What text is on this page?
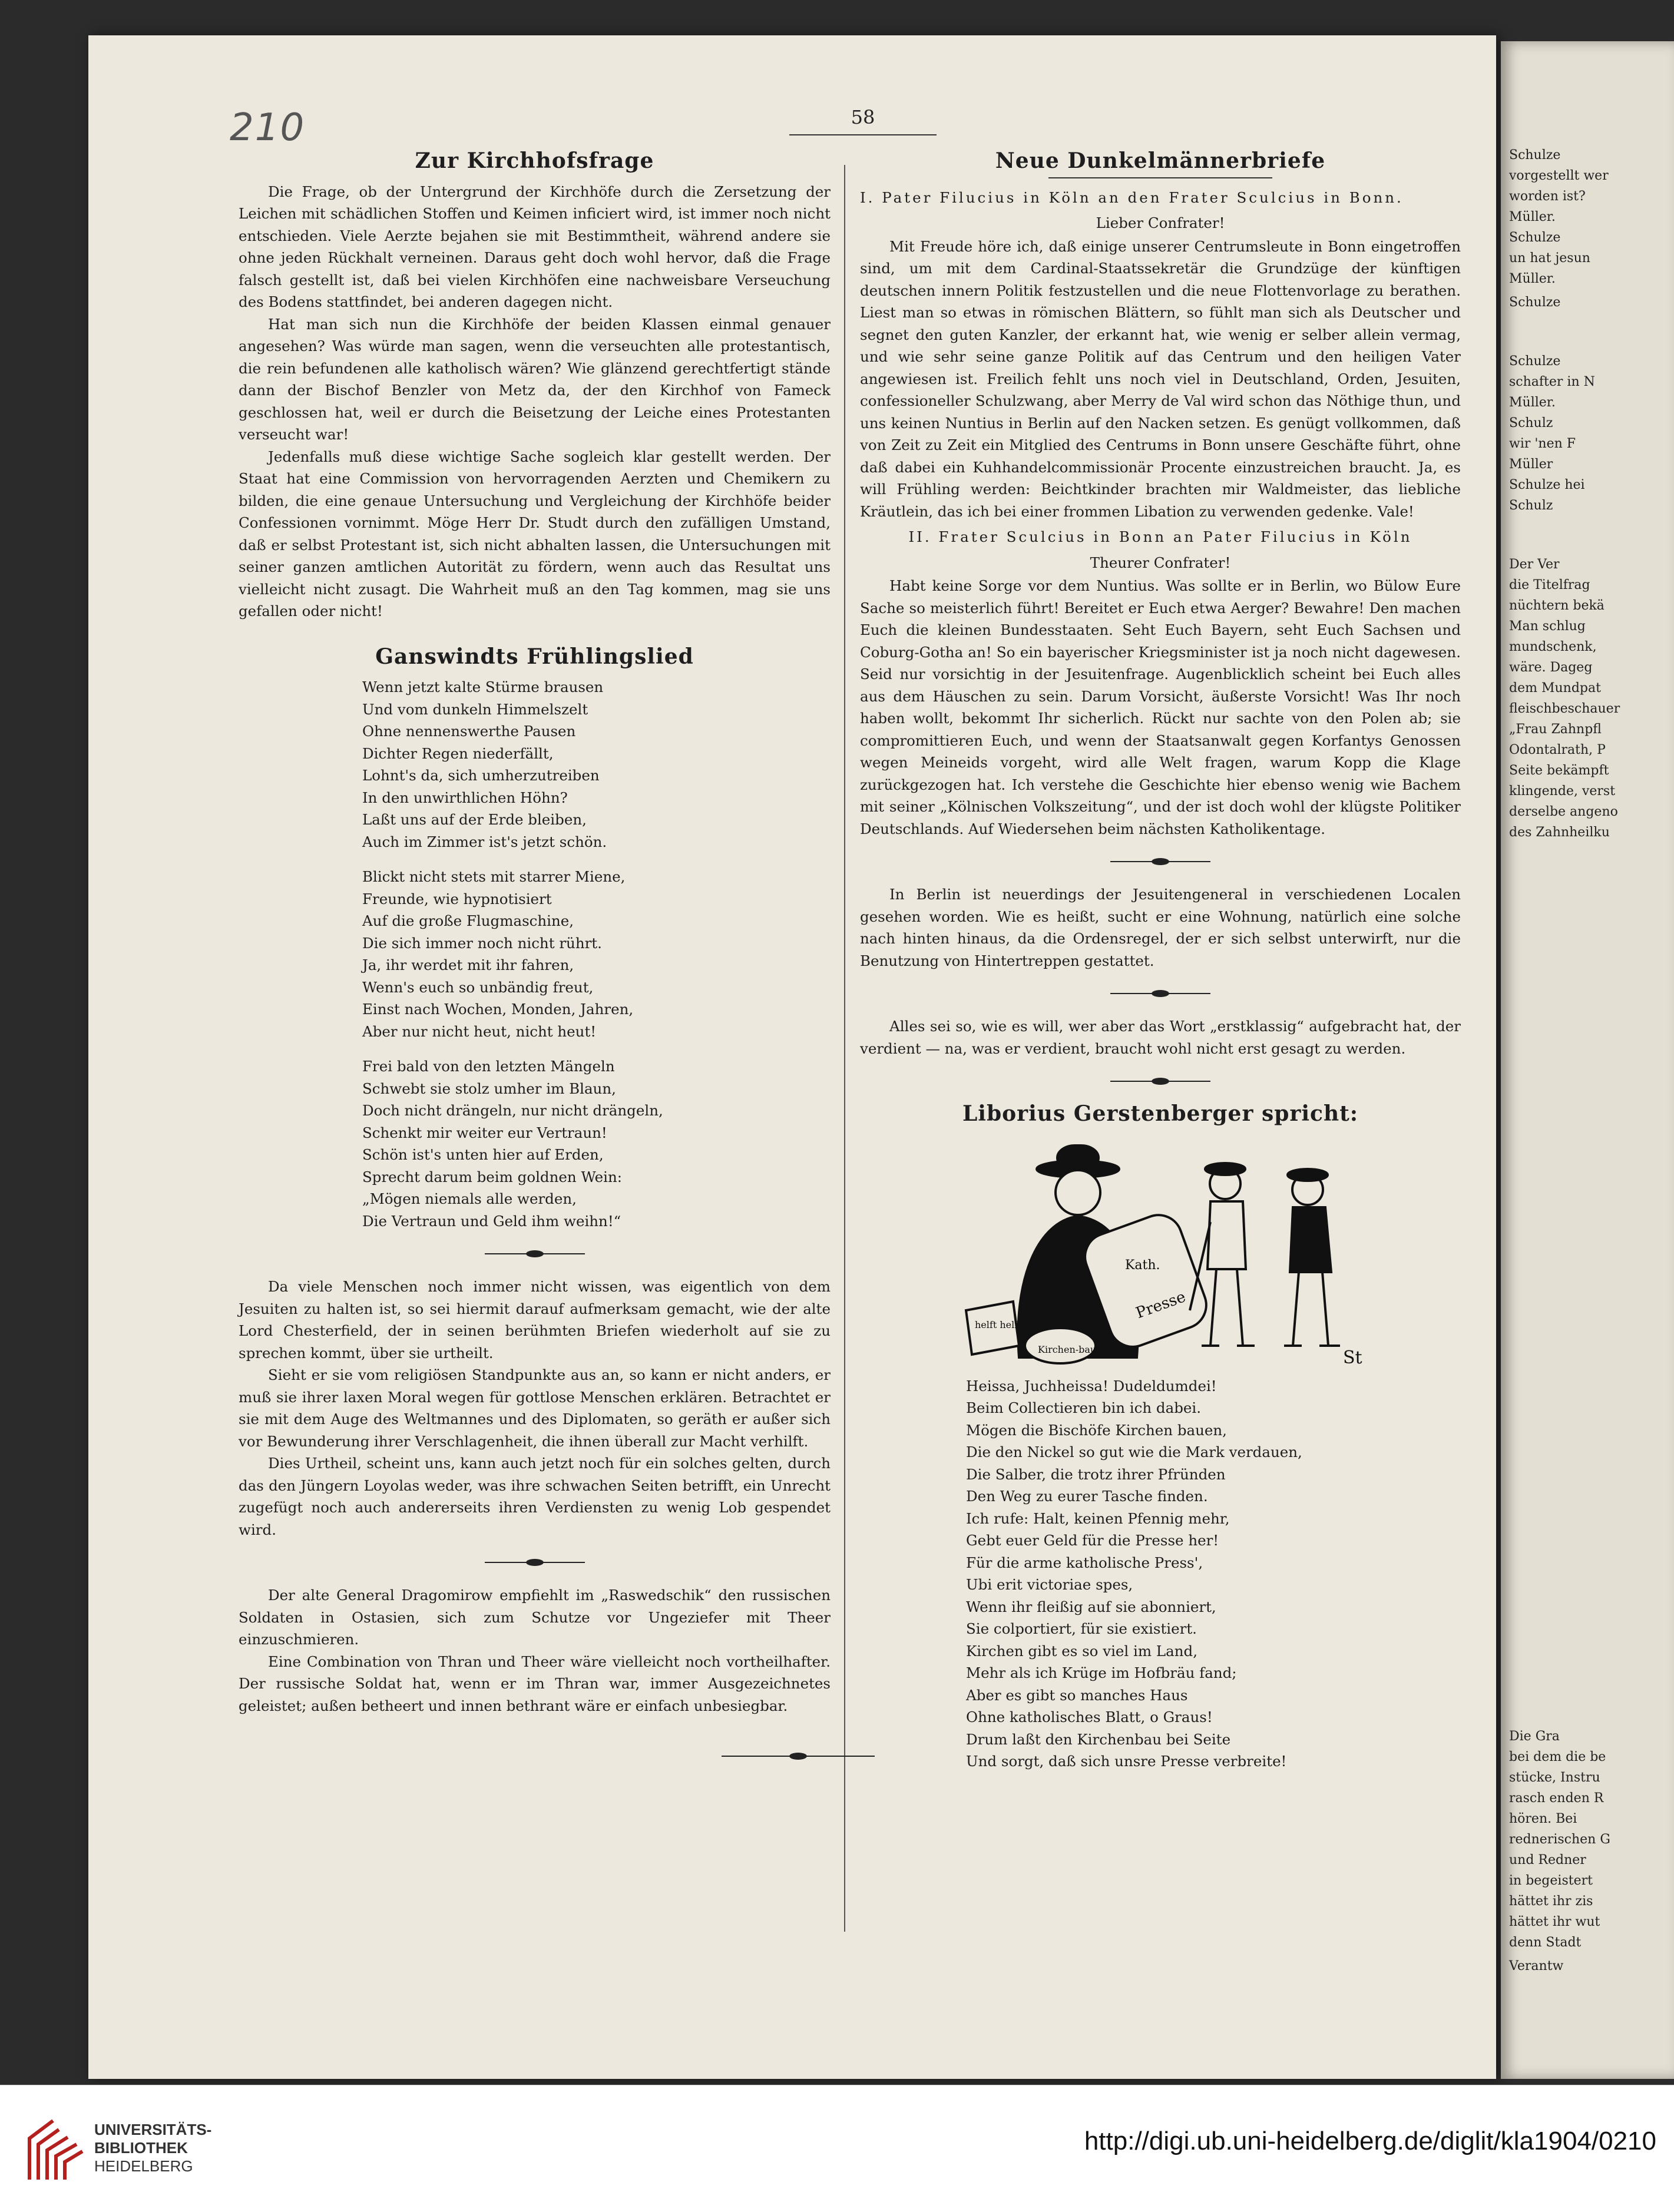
210
Schulze
vorgestellt wer
worden ist?
Müller.
Schulze
un hat jesun
Müller.
Schulze
Schulze
schafter in N
Müller.
Schulz
wir 'nen F
Müller
Schulze hei
Schulz
Der Ver
die Titelfrag
nüchtern bekä
Man schlug
mundschenk,
wäre. Dageg
dem Mundpat
fleischbeschauer
„Frau Zahnpfl
Odontalrath, P
Seite bekämpft
klingende, verst
derselbe angeno
des Zahnheilku
Die Gra
bei dem die be
stücke, Instru
rasch enden R
hören. Bei
rednerischen G
und Redner
in begeistert
hättet ihr zis
hättet ihr wut
denn Stadt
Verantw
58
Zur Kirchhofsfrage

Die Frage, ob der Untergrund der Kirchhöfe durch die Zersetzung der Leichen mit schädlichen Stoffen und Keimen inficiert wird, ist immer noch nicht entschieden. Viele Aerzte bejahen sie mit Bestimmtheit, während andere sie ohne jeden Rückhalt verneinen. Daraus geht doch wohl hervor, daß die Frage falsch gestellt ist, daß bei vielen Kirchhöfen eine nachweisbare Verseuchung des Bodens stattfindet, bei anderen dagegen nicht.

Hat man sich nun die Kirchhöfe der beiden Klassen einmal genauer angesehen? Was würde man sagen, wenn die verseuchten alle protestantisch, die rein befundenen alle katholisch wären? Wie glänzend gerechtfertigt stände dann der Bischof Benzler von Metz da, der den Kirchhof von Fameck geschlossen hat, weil er durch die Beisetzung der Leiche eines Protestanten verseucht war!

Jedenfalls muß diese wichtige Sache sogleich klar gestellt werden. Der Staat hat eine Commission von hervorragenden Aerzten und Chemikern zu bilden, die eine genaue Untersuchung und Vergleichung der Kirchhöfe beider Confessionen vornimmt. Möge Herr Dr. Studt durch den zufälligen Umstand, daß er selbst Protestant ist, sich nicht abhalten lassen, die Untersuchungen mit seiner ganzen amtlichen Autorität zu fördern, wenn auch das Resultat uns vielleicht nicht zusagt. Die Wahrheit muß an den Tag kommen, mag sie uns gefallen oder nicht!

Ganswindts Frühlingslied
Wenn jetzt kalte Stürme brausen
Und vom dunkeln Himmelszelt
Ohne nennenswerthe Pausen
Dichter Regen niederfällt,
Lohnt's da, sich umherzutreiben
In den unwirthlichen Höhn?
Laßt uns auf der Erde bleiben,
Auch im Zimmer ist's jetzt schön.
Blickt nicht stets mit starrer Miene,
Freunde, wie hypnotisiert
Auf die große Flugmaschine,
Die sich immer noch nicht rührt.
Ja, ihr werdet mit ihr fahren,
Wenn's euch so unbändig freut,
Einst nach Wochen, Monden, Jahren,
Aber nur nicht heut, nicht heut!
Frei bald von den letzten Mängeln
Schwebt sie stolz umher im Blaun,
Doch nicht drängeln, nur nicht drängeln,
Schenkt mir weiter eur Vertraun!
Schön ist's unten hier auf Erden,
Sprecht darum beim goldnen Wein:
„Mögen niemals alle werden,
Die Vertraun und Geld ihm weihn!“

Da viele Menschen noch immer nicht wissen, was eigentlich von dem Jesuiten zu halten ist, so sei hiermit darauf aufmerksam gemacht, wie der alte Lord Chesterfield, der in seinen berühmten Briefen wiederholt auf sie zu sprechen kommt, über sie urtheilt.

Sieht er sie vom religiösen Standpunkte aus an, so kann er nicht anders, er muß sie ihrer laxen Moral wegen für gottlose Menschen erklären. Betrachtet er sie mit dem Auge des Weltmannes und des Diplomaten, so geräth er außer sich vor Bewunderung ihrer Verschlagenheit, die ihnen überall zur Macht verhilft.

Dies Urtheil, scheint uns, kann auch jetzt noch für ein solches gelten, durch das den Jüngern Loyolas weder, was ihre schwachen Seiten betrifft, ein Unrecht zugefügt noch auch andererseits ihren Verdiensten zu wenig Lob gespendet wird.

Der alte General Dragomirow empfiehlt im „Raswedschik“ den russischen Soldaten in Ostasien, sich zum Schutze vor Ungeziefer mit Theer einzuschmieren.

Eine Combination von Thran und Theer wäre vielleicht noch vortheilhafter. Der russische Soldat hat, wenn er im Thran war, immer Ausgezeichnetes geleistet; außen betheert und innen bethrant wäre er einfach unbesiegbar.

Neue Dunkelmännerbriefe

I. Pater Filucius in Köln an den Frater Sculcius in Bonn.

Lieber Confrater!

Mit Freude höre ich, daß einige unserer Centrumsleute in Bonn eingetroffen sind, um mit dem Cardinal-Staatssekretär die Grundzüge der künftigen deutschen innern Politik festzustellen und die neue Flottenvorlage zu berathen. Liest man so etwas in römischen Blättern, so fühlt man sich als Deutscher und segnet den guten Kanzler, der erkannt hat, wie wenig er selber allein vermag, und wie sehr seine ganze Politik auf das Centrum und den heiligen Vater angewiesen ist. Freilich fehlt uns noch viel in Deutschland, Orden, Jesuiten, confessioneller Schulzwang, aber Merry de Val wird schon das Nöthige thun, und uns keinen Nuntius in Berlin auf den Nacken setzen. Es genügt vollkommen, daß von Zeit zu Zeit ein Mitglied des Centrums in Bonn unsere Geschäfte führt, ohne daß dabei ein Kuhhandelcommissionär Procente einzustreichen braucht. Ja, es will Frühling werden: Beichtkinder brachten mir Waldmeister, das liebliche Kräutlein, das ich bei einer frommen Libation zu verwenden gedenke. Vale!

II. Frater Sculcius in Bonn an Pater Filucius in Köln

Theurer Confrater!

Habt keine Sorge vor dem Nuntius. Was sollte er in Berlin, wo Bülow Eure Sache so meisterlich führt! Bereitet er Euch etwa Aerger? Bewahre! Den machen Euch die kleinen Bundesstaaten. Seht Euch Bayern, seht Euch Sachsen und Coburg-Gotha an! So ein bayerischer Kriegsminister ist ja noch nicht dagewesen. Seid nur vorsichtig in der Jesuitenfrage. Augenblicklich scheint bei Euch alles aus dem Häuschen zu sein. Darum Vorsicht, äußerste Vorsicht! Was Ihr noch haben wollt, bekommt Ihr sicherlich. Rückt nur sachte von den Polen ab; sie compromittieren Euch, und wenn der Staatsanwalt gegen Korfantys Genossen wegen Meineids vorgeht, wird alle Welt fragen, warum Kopp die Klage zurückgezogen hat. Ich verstehe die Geschichte hier ebenso wenig wie Bachem mit seiner „Kölnischen Volkszeitung“, und der ist doch wohl der klügste Politiker Deutschlands. Auf Wiedersehen beim nächsten Katholikentage.

In Berlin ist neuerdings der Jesuitengeneral in verschiedenen Localen gesehen worden. Wie es heißt, sucht er eine Wohnung, natürlich eine solche nach hinten hinaus, da die Ordensregel, der er sich selbst unterwirft, nur die Benutzung von Hintertreppen gestattet.

Alles sei so, wie es will, wer aber das Wort „erstklassig“ aufgebracht hat, der verdient — na, was er verdient, braucht wohl nicht erst gesagt zu werden.

Liborius Gerstenberger spricht:
Kath.
Presse
Kirchen-bau
helft helft
St
Heissa, Juchheissa! Dudeldumdei!
Beim Collectieren bin ich dabei.
Mögen die Bischöfe Kirchen bauen,
Die den Nickel so gut wie die Mark verdauen,
Die Salber, die trotz ihrer Pfründen
Den Weg zu eurer Tasche finden.
Ich rufe: Halt, keinen Pfennig mehr,
Gebt euer Geld für die Presse her!
Für die arme katholische Press',
Ubi erit victoriae spes,
Wenn ihr fleißig auf sie abonniert,
Sie colportiert, für sie existiert.
Kirchen gibt es so viel im Land,
Mehr als ich Krüge im Hofbräu fand;
Aber es gibt so manches Haus
Ohne katholisches Blatt, o Graus!
Drum laßt den Kirchenbau bei Seite
Und sorgt, daß sich unsre Presse verbreite!
UNIVERSITÄTS-
BIBLIOTHEK
HEIDELBERG
http://digi.ub.uni-heidelberg.de/diglit/kla1904/0210
